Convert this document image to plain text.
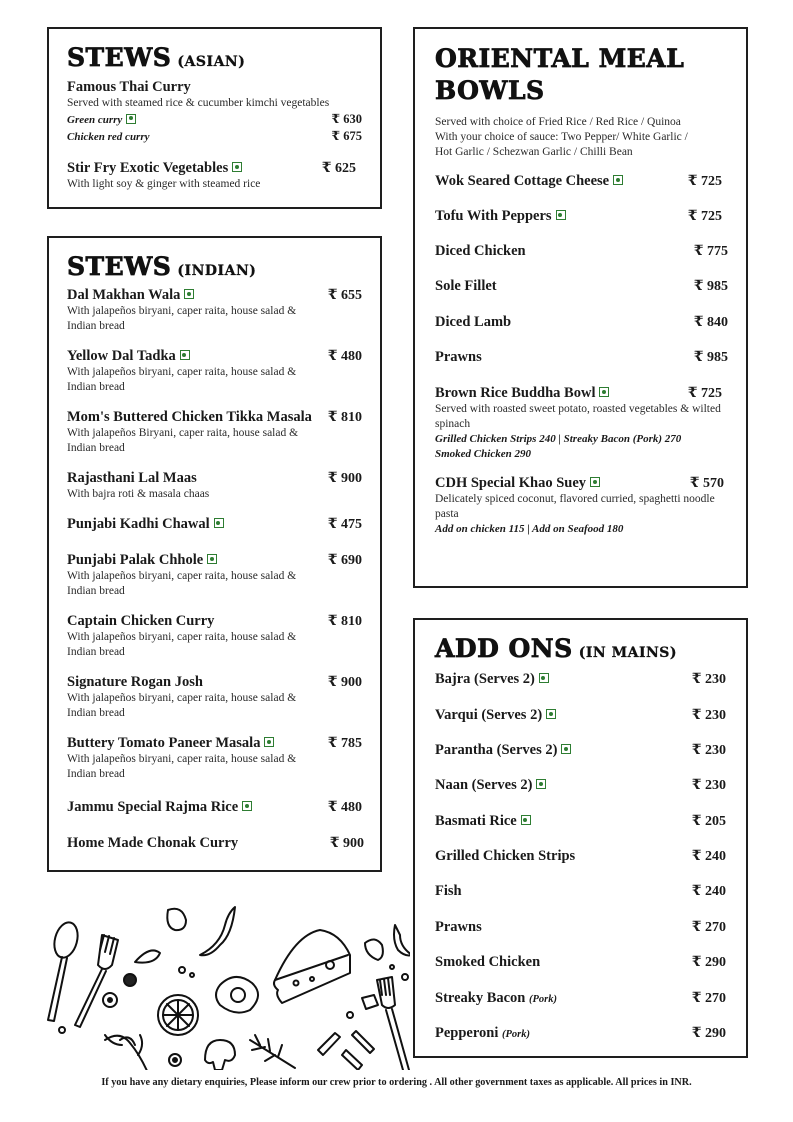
STEWS (ASIAN)
Famous Thai Curry
Served with steamed rice & cucumber kimchi vegetables
Green curry	₹ 630
Chicken red curry	₹ 675
Stir Fry Exotic Vegetables	₹ 625
With light soy & ginger with steamed rice
STEWS (INDIAN)
Dal Makhan Wala	₹ 655
With jalapeños biryani, caper raita, house salad & Indian bread
Yellow Dal Tadka	₹ 480
With jalapeños biryani, caper raita, house salad & Indian bread
Mom's Buttered Chicken Tikka Masala ₹ 810
With jalapeños Biryani, caper raita, house salad & Indian bread
Rajasthani Lal Maas	₹ 900
With bajra roti & masala chaas
Punjabi Kadhi Chawal	₹ 475
Punjabi Palak Chhole	₹ 690
With jalapeños biryani, caper raita, house salad & Indian bread
Captain Chicken Curry	₹ 810
With jalapeños biryani, caper raita, house salad & Indian bread
Signature Rogan Josh	₹ 900
With jalapeños biryani, caper raita, house salad & Indian bread
Buttery Tomato Paneer Masala	₹ 785
With jalapeños biryani, caper raita, house salad & Indian bread
Jammu Special Rajma Rice	₹ 480
Home Made Chonak Curry	₹ 900
ORIENTAL MEAL
BOWLS
Served with choice of Fried Rice / Red Rice / Quinoa
With your choice of sauce: Two Pepper/ White Garlic /
Hot Garlic / Schezwan Garlic / Chilli Bean
Wok Seared Cottage Cheese	₹ 725
Tofu With Peppers	₹ 725
Diced Chicken	₹ 775
Sole Fillet	₹ 985
Diced Lamb	₹ 840
Prawns	₹ 985
Brown Rice Buddha Bowl	₹ 725
Served with roasted sweet potato, roasted vegetables & wilted spinach
Grilled Chicken Strips 240 | Streaky Bacon (Pork) 270
Smoked Chicken 290
CDH Special Khao Suey	₹ 570
Delicately spiced coconut, flavored curried, spaghetti noodle pasta
Add on chicken 115 | Add on Seafood 180
ADD ONS (IN MAINS)
Bajra (Serves 2)	₹ 230
Varqui (Serves 2)	₹ 230
Parantha (Serves 2)	₹ 230
Naan (Serves 2)	₹ 230
Basmati Rice	₹ 205
Grilled Chicken Strips	₹ 240
Fish	₹ 240
Prawns	₹ 270
Smoked Chicken	₹ 290
Streaky Bacon (Pork)	₹ 270
Pepperoni (Pork)	₹ 290
If you have any dietary enquiries, Please inform our crew prior to ordering . All other government taxes as applicable. All prices in INR.
